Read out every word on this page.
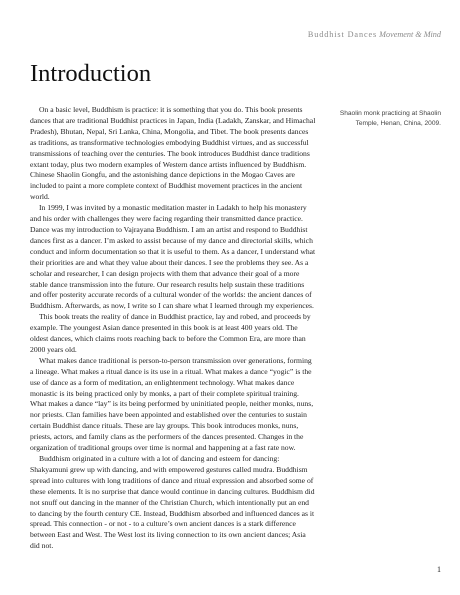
Buddhist Dances Movement & Mind
Introduction
Shaolin monk practicing at Shaolin Temple, Henan, China, 2009.

On a basic level, Buddhism is practice: it is something that you do. This book presents dances that are traditional Buddhist practices in Japan, India (Ladakh, Zanskar, and Himachal Pradesh), Bhutan, Nepal, Sri Lanka, China, Mongolia, and Tibet. The book presents dances as traditions, as transformative technologies embodying Buddhist virtues, and as successful transmissions of teaching over the centuries. The book introduces Buddhist dance traditions extant today, plus two modern examples of Western dance artists influenced by Buddhism. Chinese Shaolin Gongfu, and the astonishing dance depictions in the Mogao Caves are included to paint a more complete context of Buddhist movement practices in the ancient world.

In 1999, I was invited by a monastic meditation master in Ladakh to help his monastery and his order with challenges they were facing regarding their transmitted dance practice. Dance was my introduction to Vajrayana Buddhism. I am an artist and respond to Buddhist dances first as a dancer. I’m asked to assist because of my dance and directorial skills, which conduct and inform documentation so that it is useful to them. As a dancer, I understand what their priorities are and what they value about their dances. I see the problems they see. As a scholar and researcher, I can design projects with them that advance their goal of a more stable dance transmission into the future. Our research results help sustain these traditions and offer posterity accurate records of a cultural wonder of the worlds: the ancient dances of Buddhism. Afterwards, as now, I write so I can share what I learned through my experiences.

This book treats the reality of dance in Buddhist practice, lay and robed, and proceeds by example. The youngest Asian dance presented in this book is at least 400 years old. The oldest dances, which claims roots reaching back to before the Common Era, are more than 2000 years old.

What makes dance traditional is person-to-person transmission over generations, forming a lineage. What makes a ritual dance is its use in a ritual. What makes a dance “yogic” is the use of dance as a form of meditation, an enlightenment technology. What makes dance monastic is its being practiced only by monks, a part of their complete spiritual training. What makes a dance “lay” is its being performed by uninitiated people, neither monks, nuns, nor priests. Clan families have been appointed and established over the centuries to sustain certain Buddhist dance rituals. These are lay groups. This book introduces monks, nuns, priests, actors, and family clans as the performers of the dances presented. Changes in the organization of traditional groups over time is normal and happening at a fast rate now.

Buddhism originated in a culture with a lot of dancing and esteem for dancing: Shakyamuni grew up with dancing, and with empowered gestures called mudra. Buddhism spread into cultures with long traditions of dance and ritual expression and absorbed some of these elements. It is no surprise that dance would continue in dancing cultures. Buddhism did not snuff out dancing in the manner of the Christian Church, which intentionally put an end to dancing by the fourth century CE. Instead, Buddhism absorbed and influenced dances as it spread. This connection - or not - to a culture’s own ancient dances is a stark difference between East and West. The West lost its living connection to its own ancient dances; Asia did not.

1
